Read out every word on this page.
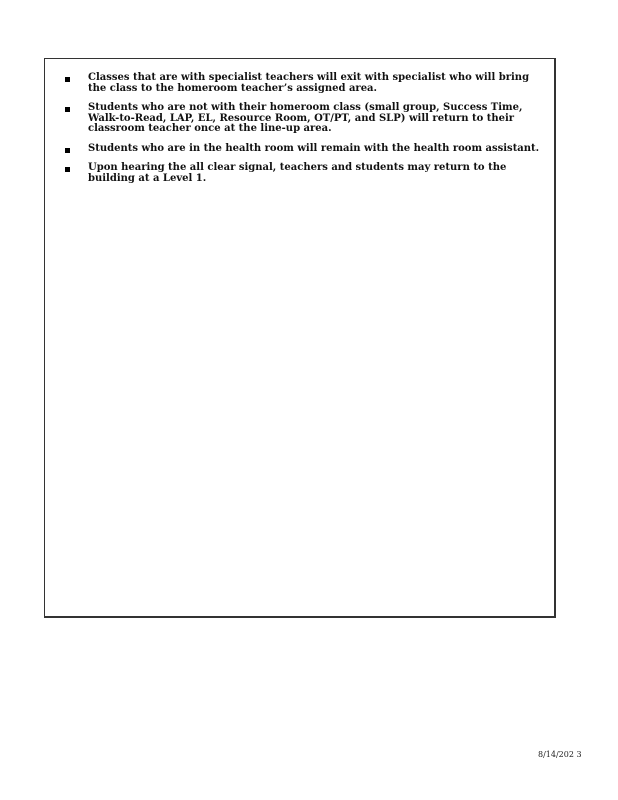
Classes that are with specialist teachers will exit with specialist who will bring the class to the homeroom teacher’s assigned area.
Students who are not with their homeroom class (small group, Success Time, Walk-to-Read, LAP, EL, Resource Room, OT/PT, and SLP) will return to their classroom teacher once at the line-up area.
Students who are in the health room will remain with the health room assistant.
Upon hearing the all clear signal, teachers and students may return to the building at a Level 1.
8/14/202 3
